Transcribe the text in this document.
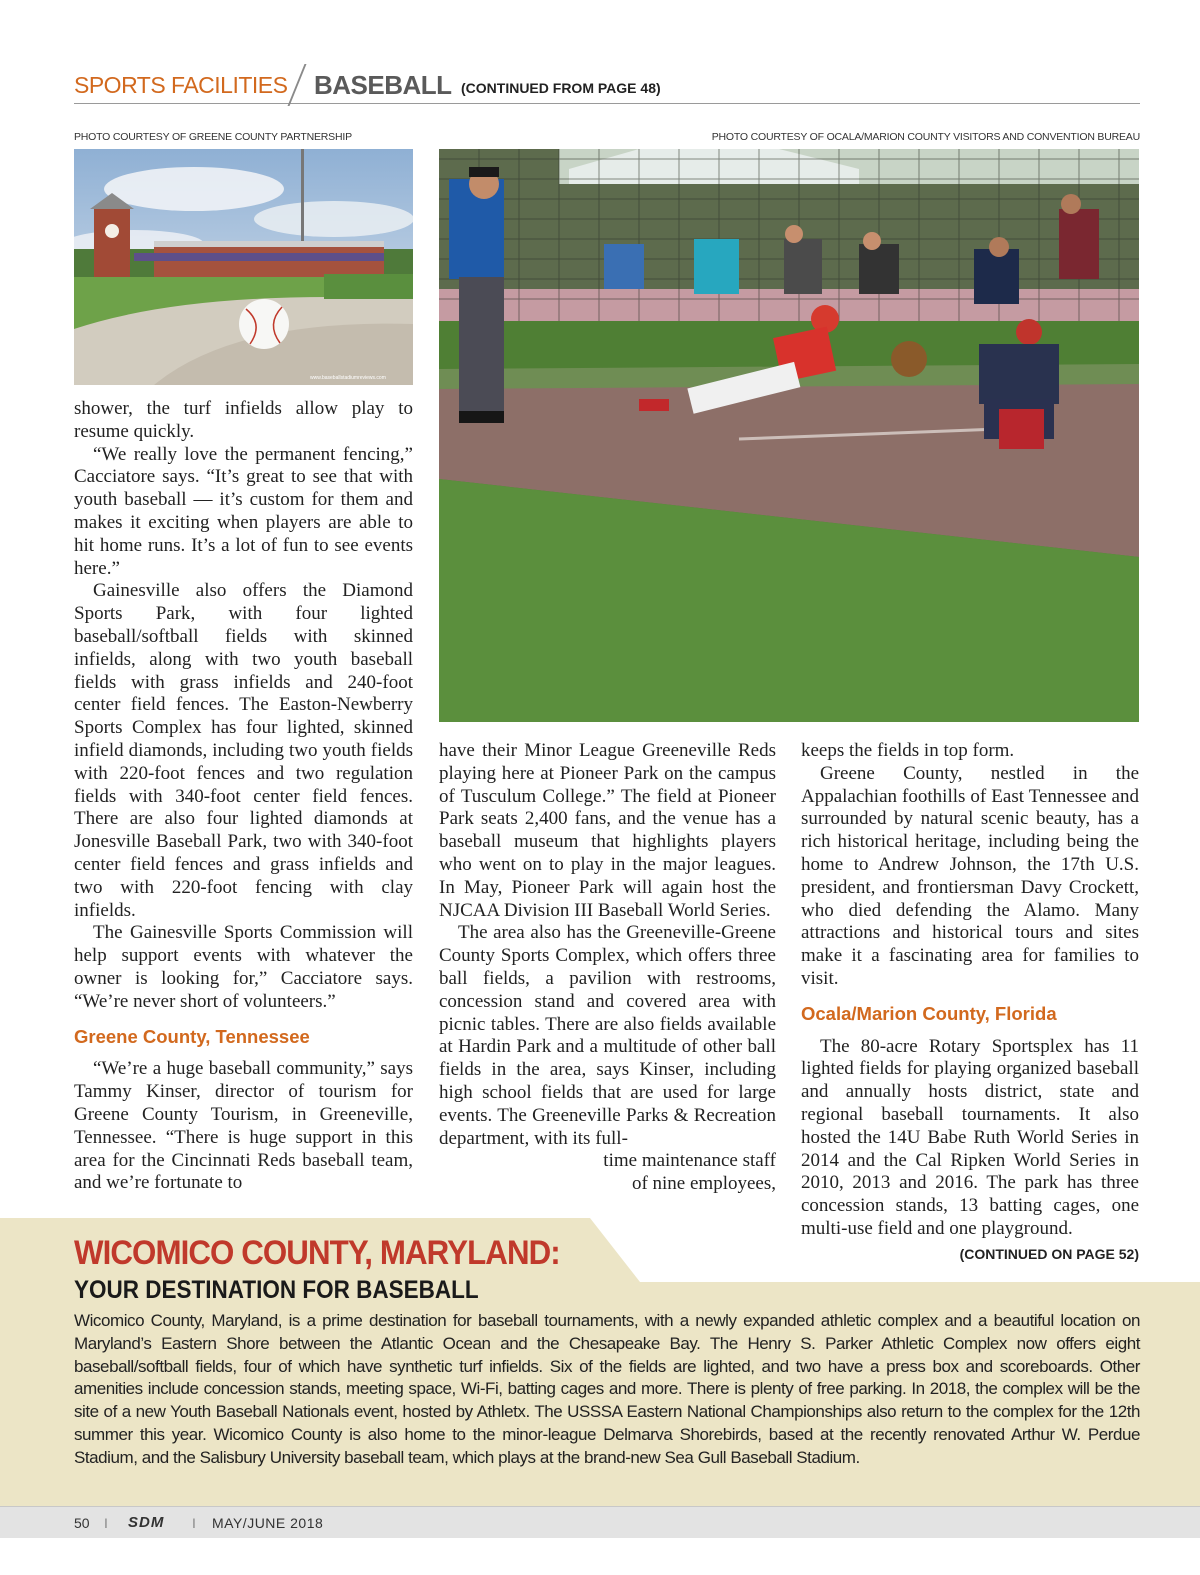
SPORTS FACILITIES BASEBALL (CONTINUED FROM PAGE 48)
PHOTO COURTESY OF GREENE COUNTY PARTNERSHIP	PHOTO COURTESY OF OCALA/MARION COUNTY VISITORS AND CONVENTION BUREAU
www.baseballstadiumreviews.com

shower, the turf infields allow play to resume quickly.

“We really love the permanent fencing,” Cacciatore says. “It’s great to see that with youth baseball — it’s custom for them and makes it exciting when players are able to hit home runs. It’s a lot of fun to see events here.”

Gainesville also offers the Diamond Sports Park, with four lighted baseball/softball fields with skinned infields, along with two youth baseball fields with grass infields and 240-foot center field fences. The Easton-Newberry Sports Complex has four lighted, skinned infield diamonds, including two youth fields with 220-foot fences and two regulation fields with 340-foot center field fences. There are also four lighted diamonds at Jonesville Baseball Park, two with 340-foot center field fences and grass infields and two with 220-foot fencing with clay infields.

The Gainesville Sports Commission will help support events with whatever the owner is looking for,” Cacciatore says. “We’re never short of volunteers.”

Greene County, Tennessee

“We’re a huge baseball community,” says Tammy Kinser, director of tourism for Greene County Tourism, in Greeneville, Tennessee. “There is huge support in this area for the Cincinnati Reds baseball team, and we’re fortunate to

have their Minor League Greeneville Reds playing here at Pioneer Park on the campus of Tusculum College.” The field at Pioneer Park seats 2,400 fans, and the venue has a baseball museum that highlights players who went on to play in the major leagues. In May, Pioneer Park will again host the NJCAA Division III Baseball World Series.

The area also has the Greeneville-Greene County Sports Complex, which offers three ball fields, a pavilion with restrooms, concession stand and covered area with picnic tables. There are also fields available at Hardin Park and a multitude of other ball fields in the area, says Kinser, including high school fields that are used for large events. The Greeneville Parks & Recreation department, with its full-

time maintenance staff of nine employees,

keeps the fields in top form.

Greene County, nestled in the Appalachian foothills of East Tennessee and surrounded by natural scenic beauty, has a rich historical heritage, including being the home to Andrew Johnson, the 17th U.S. president, and frontiersman Davy Crockett, who died defending the Alamo. Many attractions and historical tours and sites make it a fascinating area for families to visit.

Ocala/Marion County, Florida

The 80-acre Rotary Sportsplex has 11 lighted fields for playing organized baseball and annually hosts district, state and regional baseball tournaments. It also hosted the 14U Babe Ruth World Series in 2014 and the Cal Ripken World Series in 2010, 2013 and 2016. The park has three concession stands, 13 batting cages, one multi-use field and one playground.
(CONTINUED ON PAGE 52)

WICOMICO COUNTY, MARYLAND:
YOUR DESTINATION FOR BASEBALL
Wicomico County, Maryland, is a prime destination for baseball tournaments, with a newly expanded athletic complex and a beautiful location on Maryland’s Eastern Shore between the Atlantic Ocean and the Chesapeake Bay. The Henry S. Parker Athletic Complex now offers eight baseball/softball fields, four of which have synthetic turf infields. Six of the fields are lighted, and two have a press box and scoreboards. Other amenities include concession stands, meeting space, Wi-Fi, batting cages and more. There is plenty of free parking. In 2018, the complex will be the site of a new Youth Baseball Nationals event, hosted by Athletx. The USSSA Eastern National Championships also return to the complex for the 12th summer this year. Wicomico County is also home to the minor-league Delmarva Shorebirds, based at the recently renovated Arthur W. Perdue Stadium, and the Salisbury University baseball team, which plays at the brand-new Sea Gull Baseball Stadium.
50 I SDM I MAY/JUNE 2018
